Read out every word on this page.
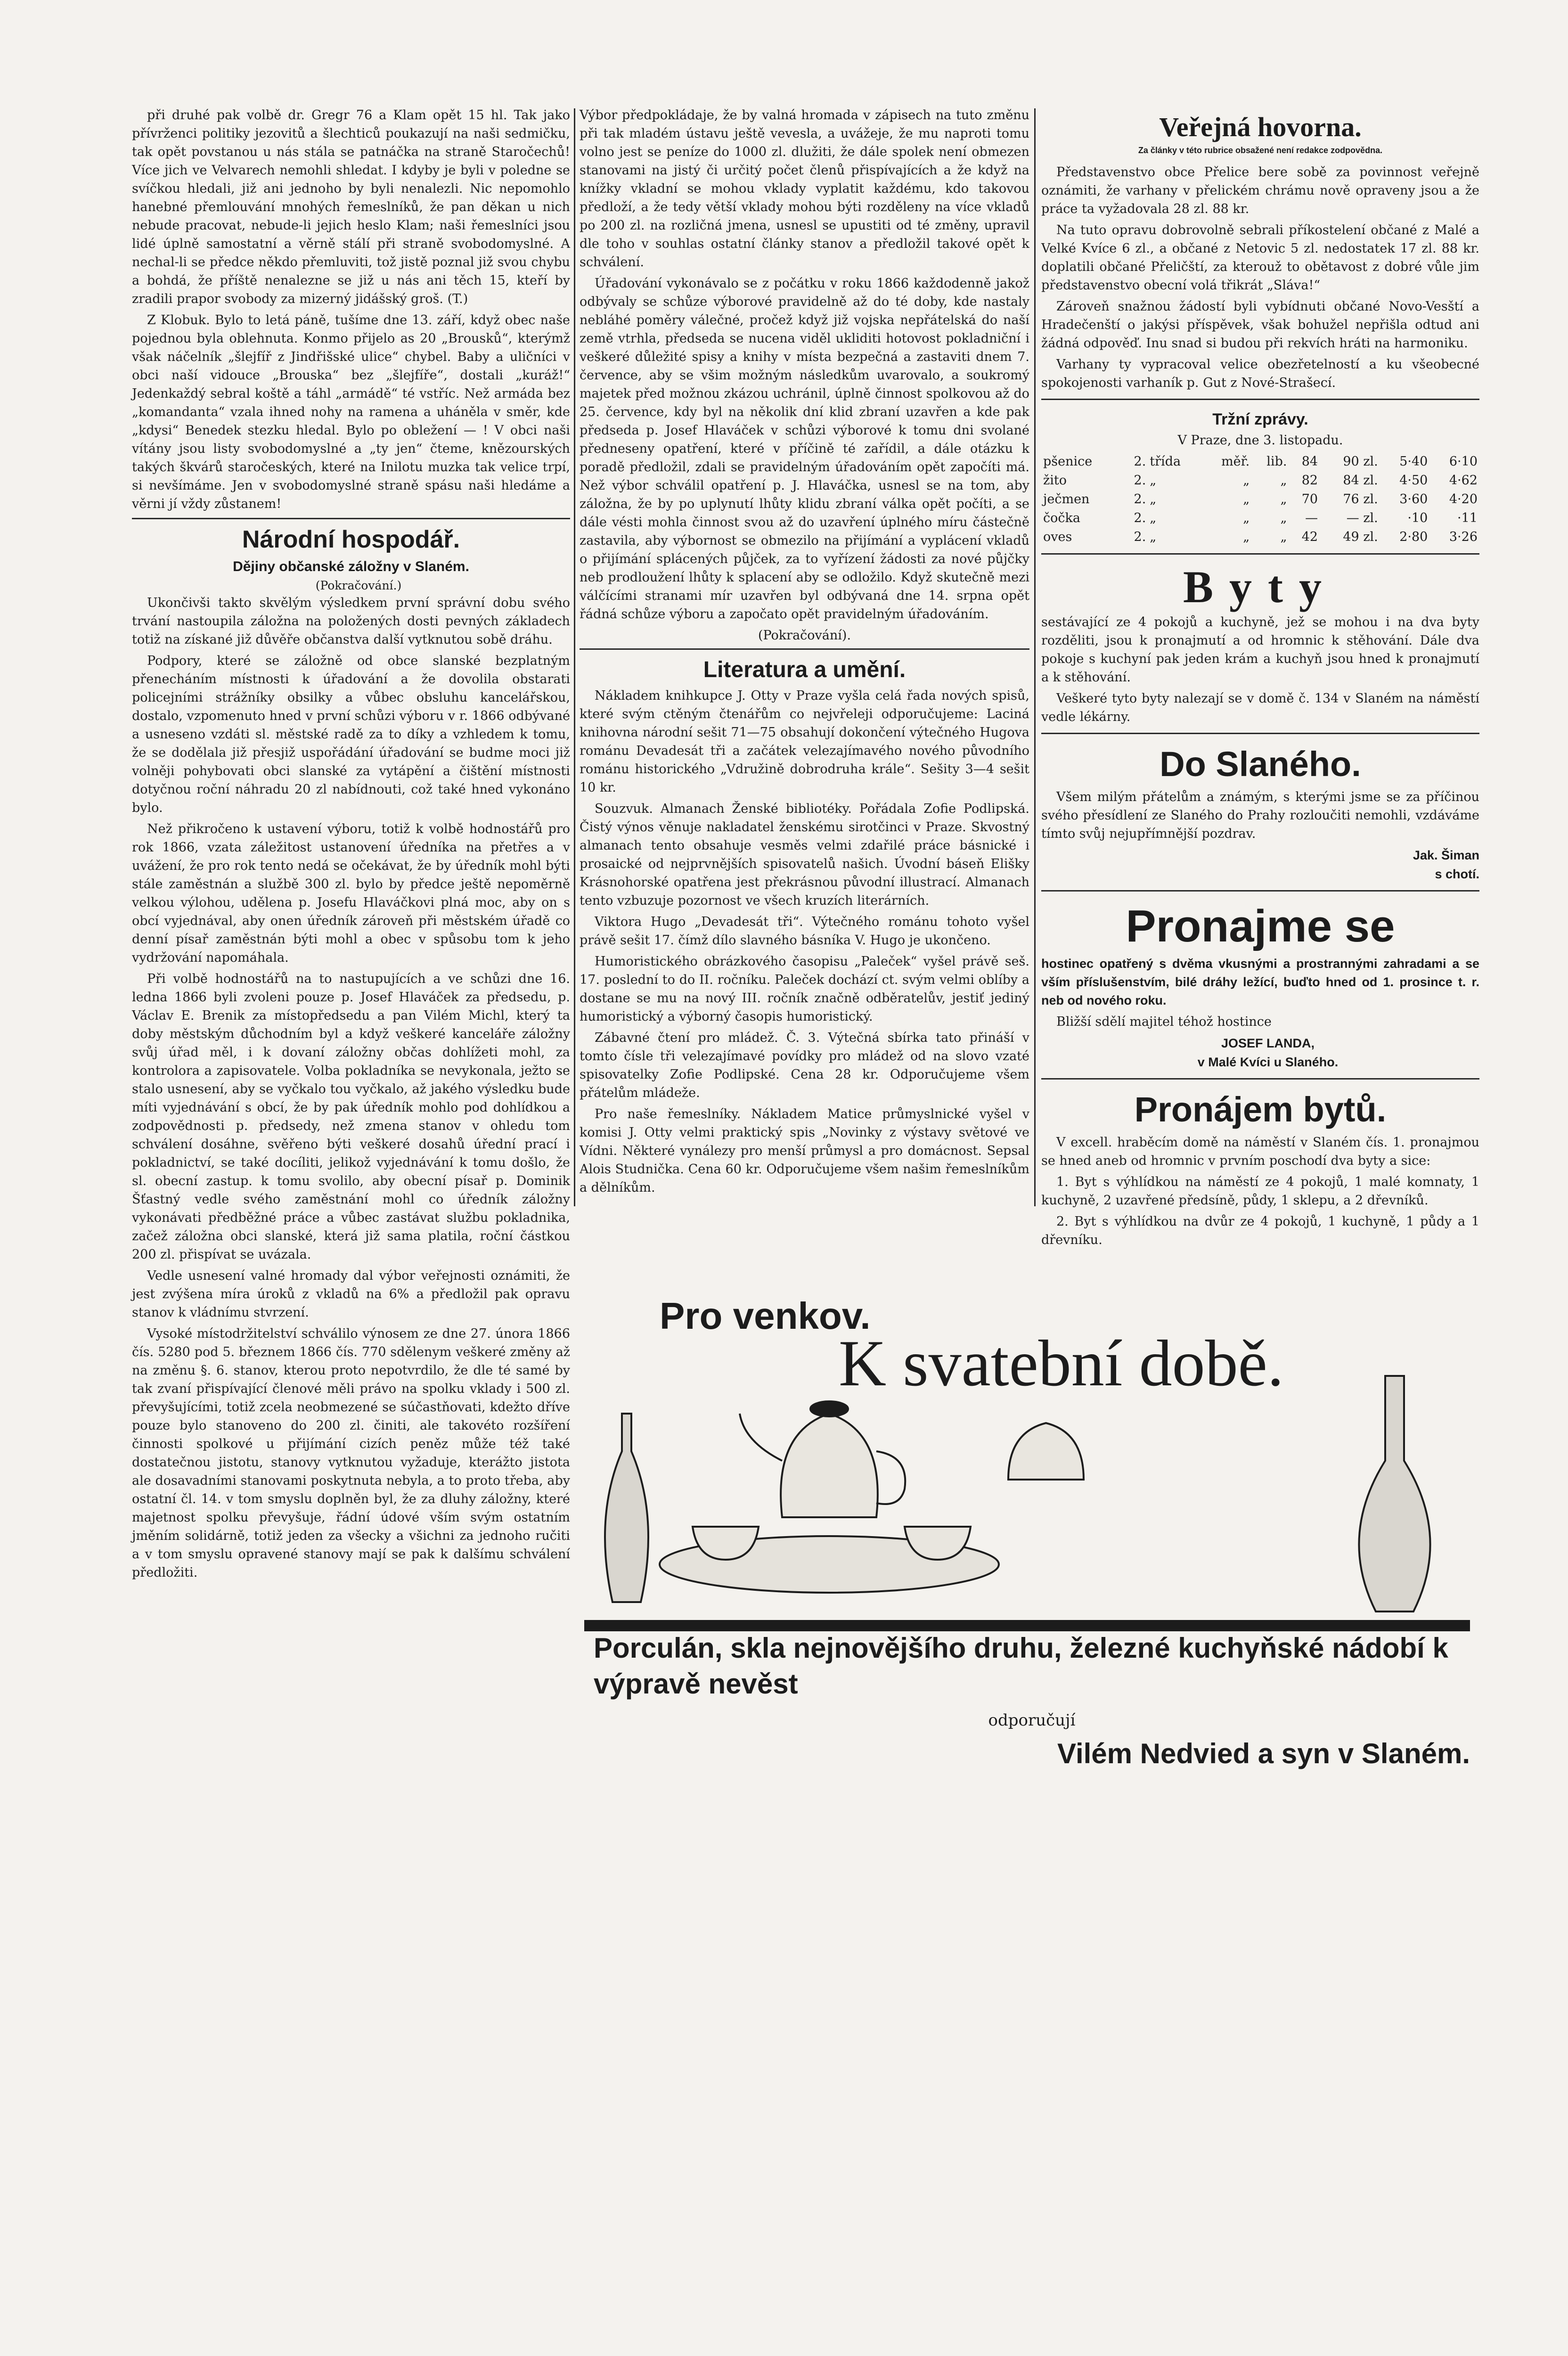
při druhé pak volbě dr. Gregr 76 a Klam opět 15 hl. Tak jako přívrženci politiky jezovitů a šlechticů poukazují na naši sedmičku, tak opět povstanou u nás stála se patnáčka na straně Staročechů! Více jich ve Velvarech nemohli shledat. I kdyby je byli v poledne se svíčkou hledali, již ani jednoho by byli nenalezli. Nic nepomohlo hanebné přemlouvání mnohých řemeslníků, že pan děkan u nich nebude pracovat, nebude-li jejich heslo Klam; naši řemeslníci jsou lidé úplně samostatní a věrně stálí při straně svobodomyslné. A nechal-li se předce někdo přemluviti, tož jistě poznal již svou chybu a bohdá, že příště nenalezne se již u nás ani těch 15, kteří by zradili prapor svobody za mizerný jidášský groš. (T.)

Z Klobuk. Bylo to letá páně, tušíme dne 13. září, když obec naše pojednou byla oblehnuta. Konmo přijelo as 20 „Brousků“, kterýmž však náčelník „šlejfíř z Jindřišské ulice“ chybel. Baby a uličníci v obci naší vidouce „Brouska“ bez „šlejfíře“, dostali „kuráž!“ Jedenkaždý sebral koště a táhl „armádě“ té vstříc. Než armáda bez „komandanta“ vzala ihned nohy na ramena a uháněla v směr, kde „kdysi“ Benedek stezku hledal. Bylo po obležení — ! V obci naši vítány jsou listy svobodomyslné a „ty jen“ čteme, knězourských takých škvárů staročeských, které na Inilotu muzka tak velice trpí, si nevšímáme. Jen v svobodomyslné straně spásu naši hledáme a věrni jí vždy zůstanem!

Národní hospodář.
Dějiny občanské záložny v Slaném.

(Pokračování.)

Ukončivši takto skvělým výsledkem první správní dobu svého trvání nastoupila záložna na položených dosti pevných základech totiž na získané již důvěře občanstva další vytknutou sobě dráhu.

Podpory, které se záložně od obce slanské bezplatným přenecháním místnosti k úřadování a že dovolila obstarati policejními strážníky obsilky a vůbec obsluhu kancelářskou, dostalo, vzpomenuto hned v první schůzi výboru v r. 1866 odbývané a usneseno vzdáti sl. městské radě za to díky a vzhledem k tomu, že se dodělala již přesjiž uspořádání úřadování se budme moci již volněji pohybovati obci slanské za vytápění a čištění místnosti dotyčnou roční náhradu 20 zl nabídnouti, což také hned vykonáno bylo.

Než přikročeno k ustavení výboru, totiž k volbě hodnostářů pro rok 1866, vzata záležitost ustanovení úředníka na přetřes a v uvážení, že pro rok tento nedá se očekávat, že by úředník mohl býti stále zaměstnán a službě 300 zl. bylo by předce ještě nepoměrně velkou výlohou, udělena p. Josefu Hlaváčkovi plná moc, aby on s obcí vyjednával, aby onen úředník zároveň při městském úřadě co denní písař zaměstnán býti mohl a obec v spůsobu tom k jeho vydržování napomáhala.

Při volbě hodnostářů na to nastupujících a ve schůzi dne 16. ledna 1866 byli zvoleni pouze p. Josef Hlaváček za předsedu, p. Václav E. Brenik za místopředsedu a pan Vilém Michl, který ta doby městským důchodním byl a když veškeré kanceláře záložny svůj úřad měl, i k dovaní záložny občas dohlížeti mohl, za kontrolora a zapisovatele. Volba pokladníka se nevykonala, ježto se stalo usnesení, aby se vyčkalo tou vyčkalo, až jakého výsledku bude míti vyjednávání s obcí, že by pak úředník mohlo pod dohlídkou a zodpovědnosti p. předsedy, než zmena stanov v ohledu tom schválení dosáhne, svěřeno býti veškeré dosahů úřední prací i pokladnictví, se také docíliti, jelikož vyjednávání k tomu došlo, že sl. obecní zastup. k tomu svolilo, aby obecní písař p. Dominik Šťastný vedle svého zaměstnání mohl co úředník záložny vykonávati předběžné práce a vůbec zastávat službu pokladnika, začež záložna obci slanské, která již sama platila, roční částkou 200 zl. přispívat se uvázala.

Vedle usnesení valné hromady dal výbor veřejnosti oznámiti, že jest zvýšena míra úroků z vkladů na 6% a předložil pak opravu stanov k vládnímu stvrzení.

Vysoké místodržitelství schválilo výnosem ze dne 27. února 1866 čís. 5280 pod 5. březnem 1866 čís. 770 sdělenym veškeré změny až na změnu §. 6. stanov, kterou proto nepotvrdilo, že dle té samé by tak zvaní přispívající členové měli právo na spolku vklady i 500 zl. převyšujícími, totiž zcela neobmezené se súčastňovati, kdežto dříve pouze bylo stanoveno do 200 zl. činiti, ale takovéto rozšíření činnosti spolkové u přijímání cizích peněz může též také dostatečnou jistotu, stanovy vytknutou vyžaduje, kterážto jistota ale dosavadními stanovami poskytnuta nebyla, a to proto třeba, aby ostatní čl. 14. v tom smyslu doplněn byl, že za dluhy záložny, které majetnost spolku převyšuje, řádní údové vším svým ostatním jměním solidárně, totiž jeden za všecky a všichni za jednoho ručiti a v tom smyslu opravené stanovy mají se pak k dalšímu schválení předložiti.

Výbor předpokládaje, že by valná hromada v zápisech na tuto změnu při tak mladém ústavu ještě vevesla, a uvážeje, že mu naproti tomu volno jest se peníze do 1000 zl. dlužiti, že dále spolek není obmezen stanovami na jistý či určitý počet členů přispívajících a že když na knížky vkladní se mohou vklady vyplatit každému, kdo takovou předloží, a že tedy větší vklady mohou býti rozděleny na více vkladů po 200 zl. na rozličná jmena, usnesl se upustiti od té změny, upravil dle toho v souhlas ostatní články stanov a předložil takové opět k schválení.

Úřadování vykonávalo se z počátku v roku 1866 každodenně jakož odbývaly se schůze výborové pravidelně až do té doby, kde nastaly nebláhé poměry válečné, pročež když již vojska nepřátelská do naší země vtrhla, předseda se nucena viděl ukliditi hotovost pokladniční i veškeré důležité spisy a knihy v místa bezpečná a zastaviti dnem 7. července, aby se všim možným následkům uvarovalo, a soukromý majetek před možnou zkázou uchránil, úplně činnost spolkovou až do 25. července, kdy byl na několik dní klid zbraní uzavřen a kde pak předseda p. Josef Hlaváček v schůzi výborové k tomu dni svolané předneseny opatření, které v příčině té zařídil, a dále otázku k poradě předložil, zdali se pravidelným úřadováním opět započíti má. Než výbor schválil opatření p. J. Hlaváčka, usnesl se na tom, aby záložna, že by po uplynutí lhůty klidu zbraní válka opět počíti, a se dále vésti mohla činnost svou až do uzavření úplného míru částečně zastavila, aby výbornost se obmezilo na přijímání a vyplácení vkladů o přijímání splácených půjček, za to vyřízení žádosti za nové půjčky neb prodloužení lhůty k splacení aby se odložilo. Když skutečně mezi válčícími stranami mír uzavřen byl odbývaná dne 14. srpna opět řádná schůze výboru a započato opět pravidelným úřadováním.

(Pokračování).

Literatura a umění.

Nákladem knihkupce J. Otty v Praze vyšla celá řada nových spisů, které svým ctěným čtenářům co nejvřeleji odporučujeme: Laciná knihovna národní sešit 71—75 obsahují dokončení výtečného Hugova románu Devadesát tři a začátek velezajímavého nového původního románu historického „Vdružině dobrodruha krále“. Sešity 3—4 sešit 10 kr.

Souzvuk. Almanach Ženské bibliotéky. Pořádala Zofie Podlipská. Čistý výnos věnuje nakladatel ženskému sirotčinci v Praze. Skvostný almanach tento obsahuje vesměs velmi zdařilé práce básnické i prosaické od nejprvnějších spisovatelů našich. Úvodní báseň Elišky Krásnohorské opatřena jest překrásnou původní illustrací. Almanach tento vzbuzuje pozornost ve všech kruzích literárních.

Viktora Hugo „Devadesát tři“. Výtečného románu tohoto vyšel právě sešit 17. čímž dílo slavného básníka V. Hugo je ukončeno.

Humoristického obrázkového časopisu „Paleček“ vyšel právě seš. 17. poslední to do II. ročníku. Paleček dochází ct. svým velmi oblíby a dostane se mu na nový III. ročník značně odběratelův, jestiť jediný humoristický a výborný časopis humoristický.

Zábavné čtení pro mládež. Č. 3. Výtečná sbírka tato přináší v tomto čísle tři velezajímavé povídky pro mládež od na slovo vzaté spisovatelky Zofie Podlipské. Cena 28 kr. Odporučujeme všem přátelům mládeže.

Pro naše řemeslníky. Nákladem Matice průmyslnické vyšel v komisi J. Otty velmi praktický spis „Novinky z výstavy světové ve Vídni. Některé vynálezy pro menší průmysl a pro domácnost. Sepsal Alois Studnička. Cena 60 kr. Odporučujeme všem našim řemeslníkům a dělníkům.

Veřejná hovorna.
Za články v této rubrice obsažené není redakce zodpovědna.

Představenstvo obce Přelice bere sobě za povinnost veřejně oznámiti, že varhany v přelickém chrámu nově opraveny jsou a že práce ta vyžadovala 28 zl. 88 kr.

Na tuto opravu dobrovolně sebrali příkostelení občané z Malé a Velké Kvíce 6 zl., a občané z Netovic 5 zl. nedostatek 17 zl. 88 kr. doplatili občané Přeličští, za kterouž to obětavost z dobré vůle jim představenstvo obecní volá třikrát „Sláva!“

Zároveň snažnou žádostí byli vybídnuti občané Novo-Vesští a Hradečenští o jakýsi příspěvek, však bohužel nepřišla odtud ani žádná odpověď. Inu snad si budou při rekvích hráti na harmoniku.

Varhany ty vypracoval velice obezřetelností a ku všeobecné spokojenosti varhaník p. Gut z Nové-Strašecí.

Tržní zprávy.

V Praze, dne 3. listopadu.

pšenice	2.	třída	měř.	lib.	84	90 zl.	5·40	6·10
žito	2.	„	„	„	82	84 zl.	4·50	4·62
ječmen	2.	„	„	„	70	76 zl.	3·60	4·20
čočka	2.	„	„	„	—	— zl.	·10	·11
oves	2.	„	„	„	42	49 zl.	2·80	3·26
Byty

sestávající ze 4 pokojů a kuchyně, jež se mohou i na dva byty rozděliti, jsou k pronajmutí a od hromnic k stěhování. Dále dva pokoje s kuchyní pak jeden krám a kuchyň jsou hned k pronajmutí a k stěhování.

Veškeré tyto byty nalezají se v domě č. 134 v Slaném na náměstí vedle lékárny.

Do Slaného.

Všem milým přátelům a známým, s kterými jsme se za příčinou svého přesídlení ze Slaného do Prahy rozloučiti nemohli, vzdáváme tímto svůj nejupřímnější pozdrav.

Jak. Šiman

s chotí.

Pronajme se

hostinec opatřený s dvěma vkusnými a prostrannými zahradami a se vším příslušenstvím, bilé dráhy ležící, buďto hned od 1. prosince t. r. neb od nového roku.

Bližší sdělí majitel téhož hostince

JOSEF LANDA,

v Malé Kvíci u Slaného.

Pronájem bytů.

V excell. hraběcím domě na náměstí v Slaném čís. 1. pronajmou se hned aneb od hromnic v prvním poschodí dva byty a sice:

1. Byt s výhlídkou na náměstí ze 4 pokojů, 1 malé komnaty, 1 kuchyně, 2 uzavřené předsíně, půdy, 1 sklepu, a 2 dřevníků.

2. Byt s výhlídkou na dvůr ze 4 pokojů, 1 kuchyně, 1 půdy a 1 dřevníku.

Pro venkov.
K svatební době.

Porculán, skla nejnovějšího druhu, železné kuchyňské nádobí k výpravě nevěst

odporučují

Vilém Nedvied a syn v Slaném.
